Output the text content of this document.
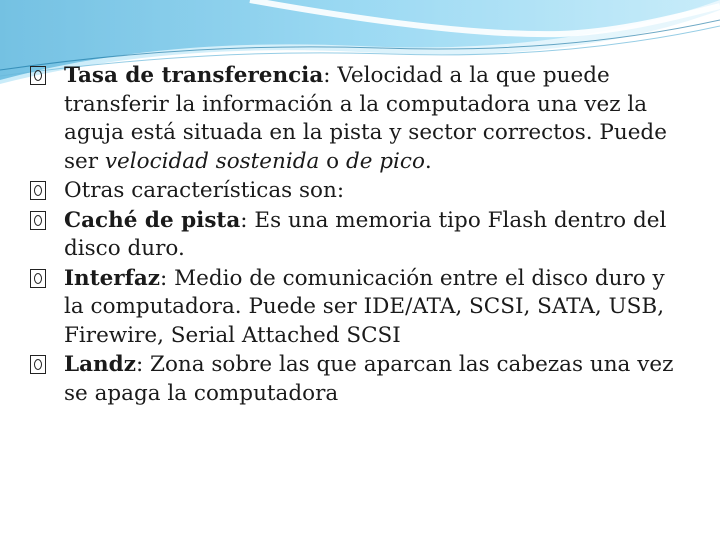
Tasa de transferencia: Velocidad a la que puede transferir la información a la computadora una vez la aguja está situada en la pista y sector correctos. Puede ser velocidad sostenida o de pico.

Otras características son:

Caché de pista: Es una memoria tipo Flash dentro del disco duro.

Interfaz: Medio de comunicación entre el disco duro y la computadora. Puede ser IDE/ATA, SCSI, SATA, USB, Firewire, Serial Attached SCSI

Landz: Zona sobre las que aparcan las cabezas una vez se apaga la computadora
